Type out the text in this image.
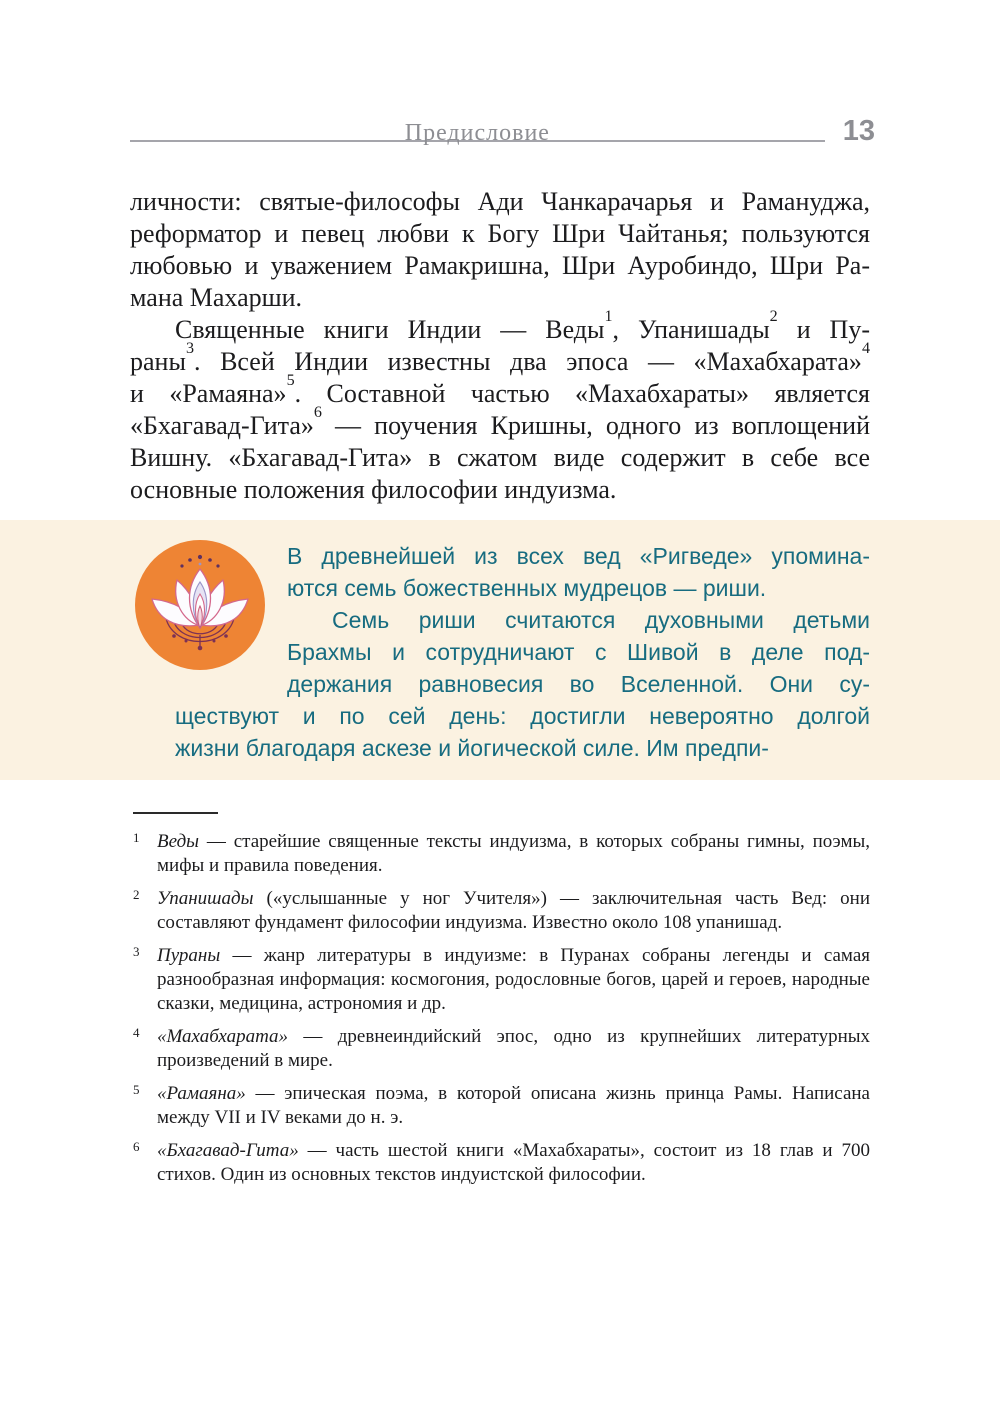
Предисловие	13
личности: святые-философы Ади Чанкарачарья и Рамануджа,
реформатор и певец любви к Богу Шри Чайтанья; пользуются
любовью и уважением Рамакришна, Шри Ауробиндо, Шри Ра-
мана Махарши.
Священные книги Индии — Веды$^1$, Упанишады$^2$ и Пу-
раны$^3$. Всей Индии известны два эпоса — «Махабхарата»$^4$
и «Рамаяна»$^5$. Составной частью «Махабхараты» является
«Бхагавад-Гита»$^6$ — поучения Кришны, одного из воплощений
Вишну. «Бхагавад-Гита» в сжатом виде содержит в себе все
основные положения философии индуизма.
В древнейшей из всех вед «Ригведе» упомина-
ются семь божественных мудрецов — риши.
Семь риши считаются духовными детьми
Брахмы и сотрудничают с Шивой в деле под-
держания равновесия во Вселенной. Они су-
ществуют и по сей день: достигли невероятно долгой
жизни благодаря аскезе и йогической силе. Им предпи-
1 Веды — старейшие священные тексты индуизма, в которых собраны гимны, поэмы, мифы и правила поведения.

2 Упанишады («услышанные у ног Учителя») — заключительная часть Вед: они составляют фундамент философии индуизма. Известно около 108 упанишад.

3 Пураны — жанр литературы в индуизме: в Пуранах собраны легенды и самая разнообразная информация: космогония, родословные богов, царей и героев, народные сказки, медицина, астрономия и др.

4 «Махабхарата» — древнеиндийский эпос, одно из крупнейших литературных произведений в мире.

5 «Рамаяна» — эпическая поэма, в которой описана жизнь принца Рамы. Написана между VII и IV веками до н. э.

6 «Бхагавад-Гита» — часть шестой книги «Махабхараты», состоит из 18 глав и 700 стихов. Один из основных текстов индуистской философии.
